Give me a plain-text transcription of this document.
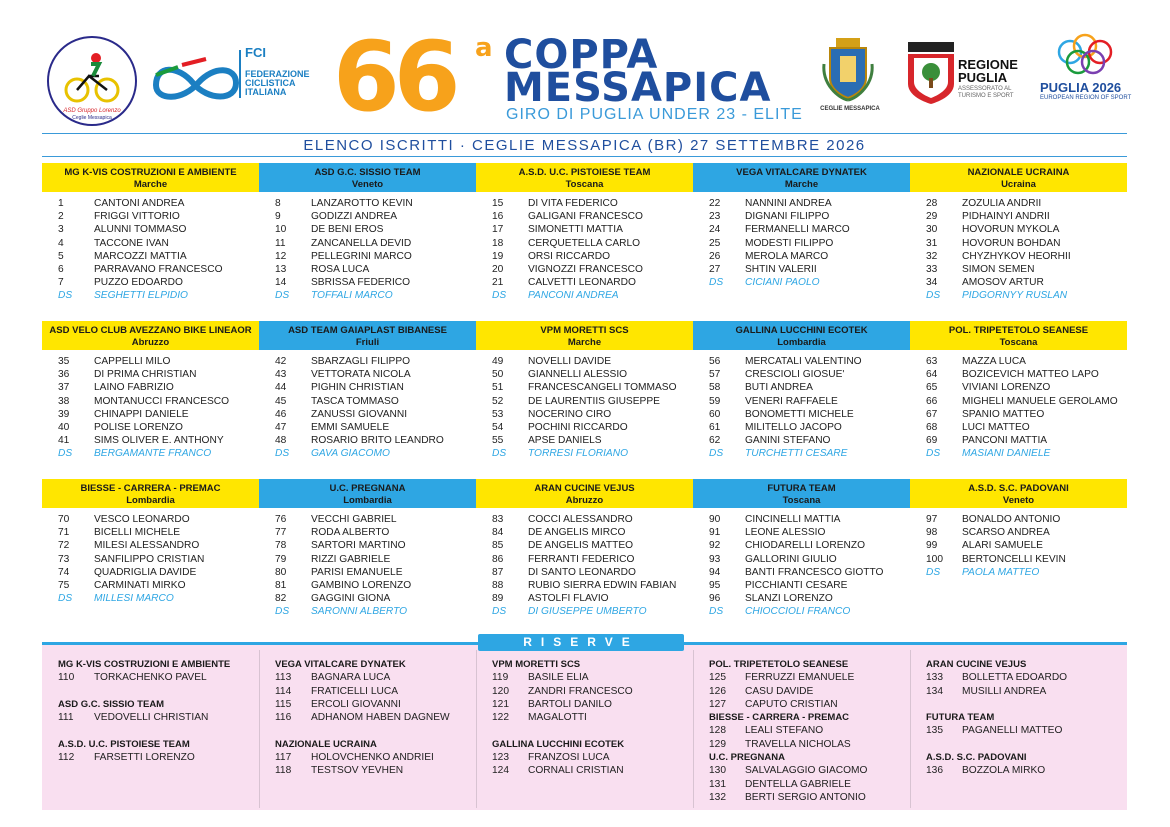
ASD Gruppo Lorenzo
Ceglie Messapica
FCI
FEDERAZIONE
CICLISTICA
ITALIANA 66 a COPPA
MESSAPICA
GIRO DI PUGLIA UNDER 23 - ELITE	CEGLIE MESSAPICA
REGIONE
PUGLIA
ASSESSORATO AL TURISMO E SPORT
PUGLIA 2026
EUROPEAN REGION OF SPORT
ELENCO ISCRITTI · CEGLIE MESSAPICA (BR) 27 SETTEMBRE 2026
MG K-VIS COSTRUZIONI E AMBIENTE
Marche
1	CANTONI ANDREA
2	FRIGGI VITTORIO
3	ALUNNI TOMMASO
4	TACCONE IVAN
5	MARCOZZI MATTIA
6	PARRAVANO FRANCESCO
7	PUZZO EDOARDO
DS SEGHETTI ELPIDIO
ASD G.C. SISSIO TEAM
Veneto
8	LANZAROTTO KEVIN
9	GODIZZI ANDREA
10 DE BENI EROS
11 ZANCANELLA DEVID
12 PELLEGRINI MARCO
13 ROSA LUCA
14 SBRISSA FEDERICO
DS TOFFALI MARCO
A.S.D. U.C. PISTOIESE TEAM
Toscana
15 DI VITA FEDERICO
16 GALIGANI FRANCESCO
17 SIMONETTI MATTIA
18 CERQUETELLA CARLO
19 ORSI RICCARDO
20 VIGNOZZI FRANCESCO
21 CALVETTI LEONARDO
DS PANCONI ANDREA
VEGA VITALCARE DYNATEK
Marche
22 NANNINI ANDREA
23 DIGNANI FILIPPO
24 FERMANELLI MARCO
25 MODESTI FILIPPO
26 MEROLA MARCO
27 SHTIN VALERII
DS CICIANI PAOLO
NAZIONALE UCRAINA
Ucraina
28 ZOZULIA ANDRII
29 PIDHAINYI ANDRII
30 HOVORUN MYKOLA
31 HOVORUN BOHDAN
32 CHYZHYKOV HEORHII
33 SIMON SEMEN
34 AMOSOV ARTUR
DS PIDGORNYY RUSLAN
ASD VELO CLUB AVEZZANO BIKE LINEAOR
Abruzzo
35 CAPPELLI MILO
36 DI PRIMA CHRISTIAN
37 LAINO FABRIZIO
38 MONTANUCCI FRANCESCO
39 CHINAPPI DANIELE
40 POLISE LORENZO
41 SIMS OLIVER E. ANTHONY
DS BERGAMANTE FRANCO
ASD TEAM GAIAPLAST BIBANESE
Friuli
42 SBARZAGLI FILIPPO
43 VETTORATA NICOLA
44 PIGHIN CHRISTIAN
45 TASCA TOMMASO
46 ZANUSSI GIOVANNI
47 EMMI SAMUELE
48 ROSARIO BRITO LEANDRO
DS GAVA GIACOMO
VPM MORETTI SCS
Marche
49 NOVELLI DAVIDE
50 GIANNELLI ALESSIO
51 FRANCESCANGELI TOMMASO
52 DE LAURENTIIS GIUSEPPE
53 NOCERINO CIRO
54 POCHINI RICCARDO
55 APSE DANIELS
DS TORRESI FLORIANO
GALLINA LUCCHINI ECOTEK
Lombardia
56 MERCATALI VALENTINO
57 CRESCIOLI GIOSUE'
58 BUTI ANDREA
59 VENERI RAFFAELE
60 BONOMETTI MICHELE
61 MILITELLO JACOPO
62 GANINI STEFANO
DS TURCHETTI CESARE
POL. TRIPETETOLO SEANESE
Toscana
63 MAZZA LUCA
64 BOZICEVICH MATTEO LAPO
65 VIVIANI LORENZO
66 MIGHELI MANUELE GEROLAMO
67 SPANIO MATTEO
68 LUCI MATTEO
69 PANCONI MATTIA
DS MASIANI DANIELE
BIESSE - CARRERA - PREMAC
Lombardia
70 VESCO LEONARDO
71 BICELLI MICHELE
72 MILESI ALESSANDRO
73 SANFILIPPO CRISTIAN
74 QUADRIGLIA DAVIDE
75 CARMINATI MIRKO
DS MILLESI MARCO
U.C. PREGNANA
Lombardia
76 VECCHI GABRIEL
77 RODA ALBERTO
78 SARTORI MARTINO
79 RIZZI GABRIELE
80 PARISI EMANUELE
81 GAMBINO LORENZO
82 GAGGINI GIONA
DS SARONNI ALBERTO
ARAN CUCINE VEJUS
Abruzzo
83 COCCI ALESSANDRO
84 DE ANGELIS MIRCO
85 DE ANGELIS MATTEO
86 FERRANTI FEDERICO
87 DI SANTO LEONARDO
88 RUBIO SIERRA EDWIN FABIAN
89 ASTOLFI FLAVIO
DS DI GIUSEPPE UMBERTO
FUTURA TEAM
Toscana
90 CINCINELLI MATTIA
91 LEONE ALESSIO
92 CHIODARELLI LORENZO
93 GALLORINI GIULIO
94 BANTI FRANCESCO GIOTTO
95 PICCHIANTI CESARE
96 SLANZI LORENZO
DS CHIOCCIOLI FRANCO
A.S.D. S.C. PADOVANI
Veneto
97 BONALDO ANTONIO
98 SCARSO ANDREA
99 ALARI SAMUELE
100 BERTONCELLI KEVIN
DS PAOLA MATTEO
RISERVE
MG K-VIS COSTRUZIONI E AMBIENTE
110 TORKACHENKO PAVEL
ASD G.C. SISSIO TEAM
111 VEDOVELLI CHRISTIAN
A.S.D. U.C. PISTOIESE TEAM
112 FARSETTI LORENZO
VEGA VITALCARE DYNATEK
113 BAGNARA LUCA
114 FRATICELLI LUCA
115 ERCOLI GIOVANNI
116 ADHANOM HABEN DAGNEW
NAZIONALE UCRAINA
117 HOLOVCHENKO ANDRIEI
118 TESTSOV YEVHEN
VPM MORETTI SCS
119 BASILE ELIA
120 ZANDRI FRANCESCO
121 BARTOLI DANILO
122 MAGALOTTI
GALLINA LUCCHINI ECOTEK
123 FRANZOSI LUCA
124 CORNALI CRISTIAN
POL. TRIPETETOLO SEANESE
125 FERRUZZI EMANUELE
126 CASU DAVIDE
127 CAPUTO CRISTIAN
BIESSE - CARRERA - PREMAC
128 LEALI STEFANO
129 TRAVELLA NICHOLAS
U.C. PREGNANA
130 SALVALAGGIO GIACOMO
131 DENTELLA GABRIELE
132 BERTI SERGIO ANTONIO
ARAN CUCINE VEJUS
133 BOLLETTA EDOARDO
134 MUSILLI ANDREA
FUTURA TEAM
135 PAGANELLI MATTEO
A.S.D. S.C. PADOVANI
136 BOZZOLA MIRKO
